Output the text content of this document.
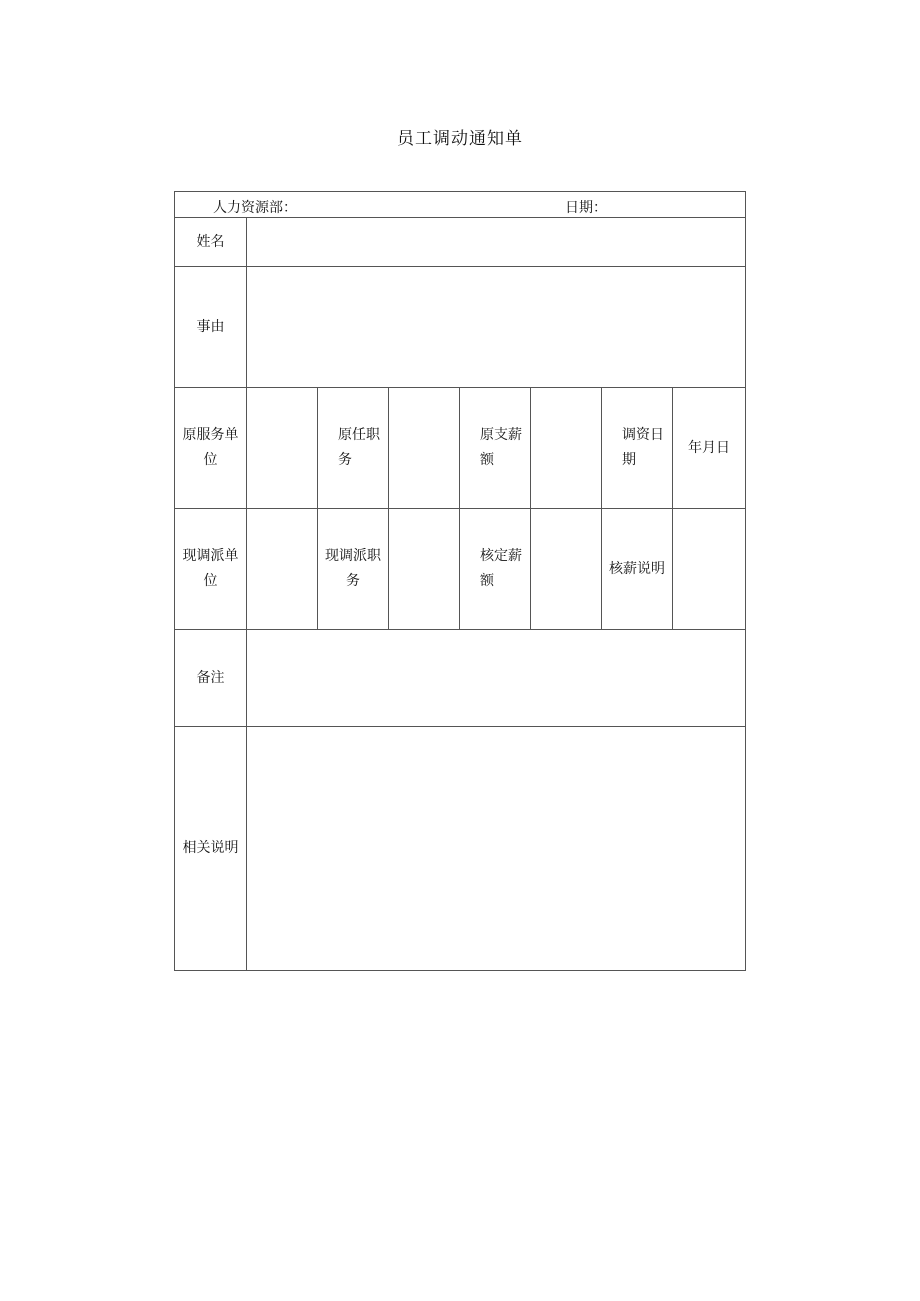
员工调动通知单
人力资源部：	日期：
姓名
事由
原服务单位
原任职务
原支薪额
调资日期
年月日
现调派单位
现调派职务
核定薪额
核薪说明
备注
相关说明
